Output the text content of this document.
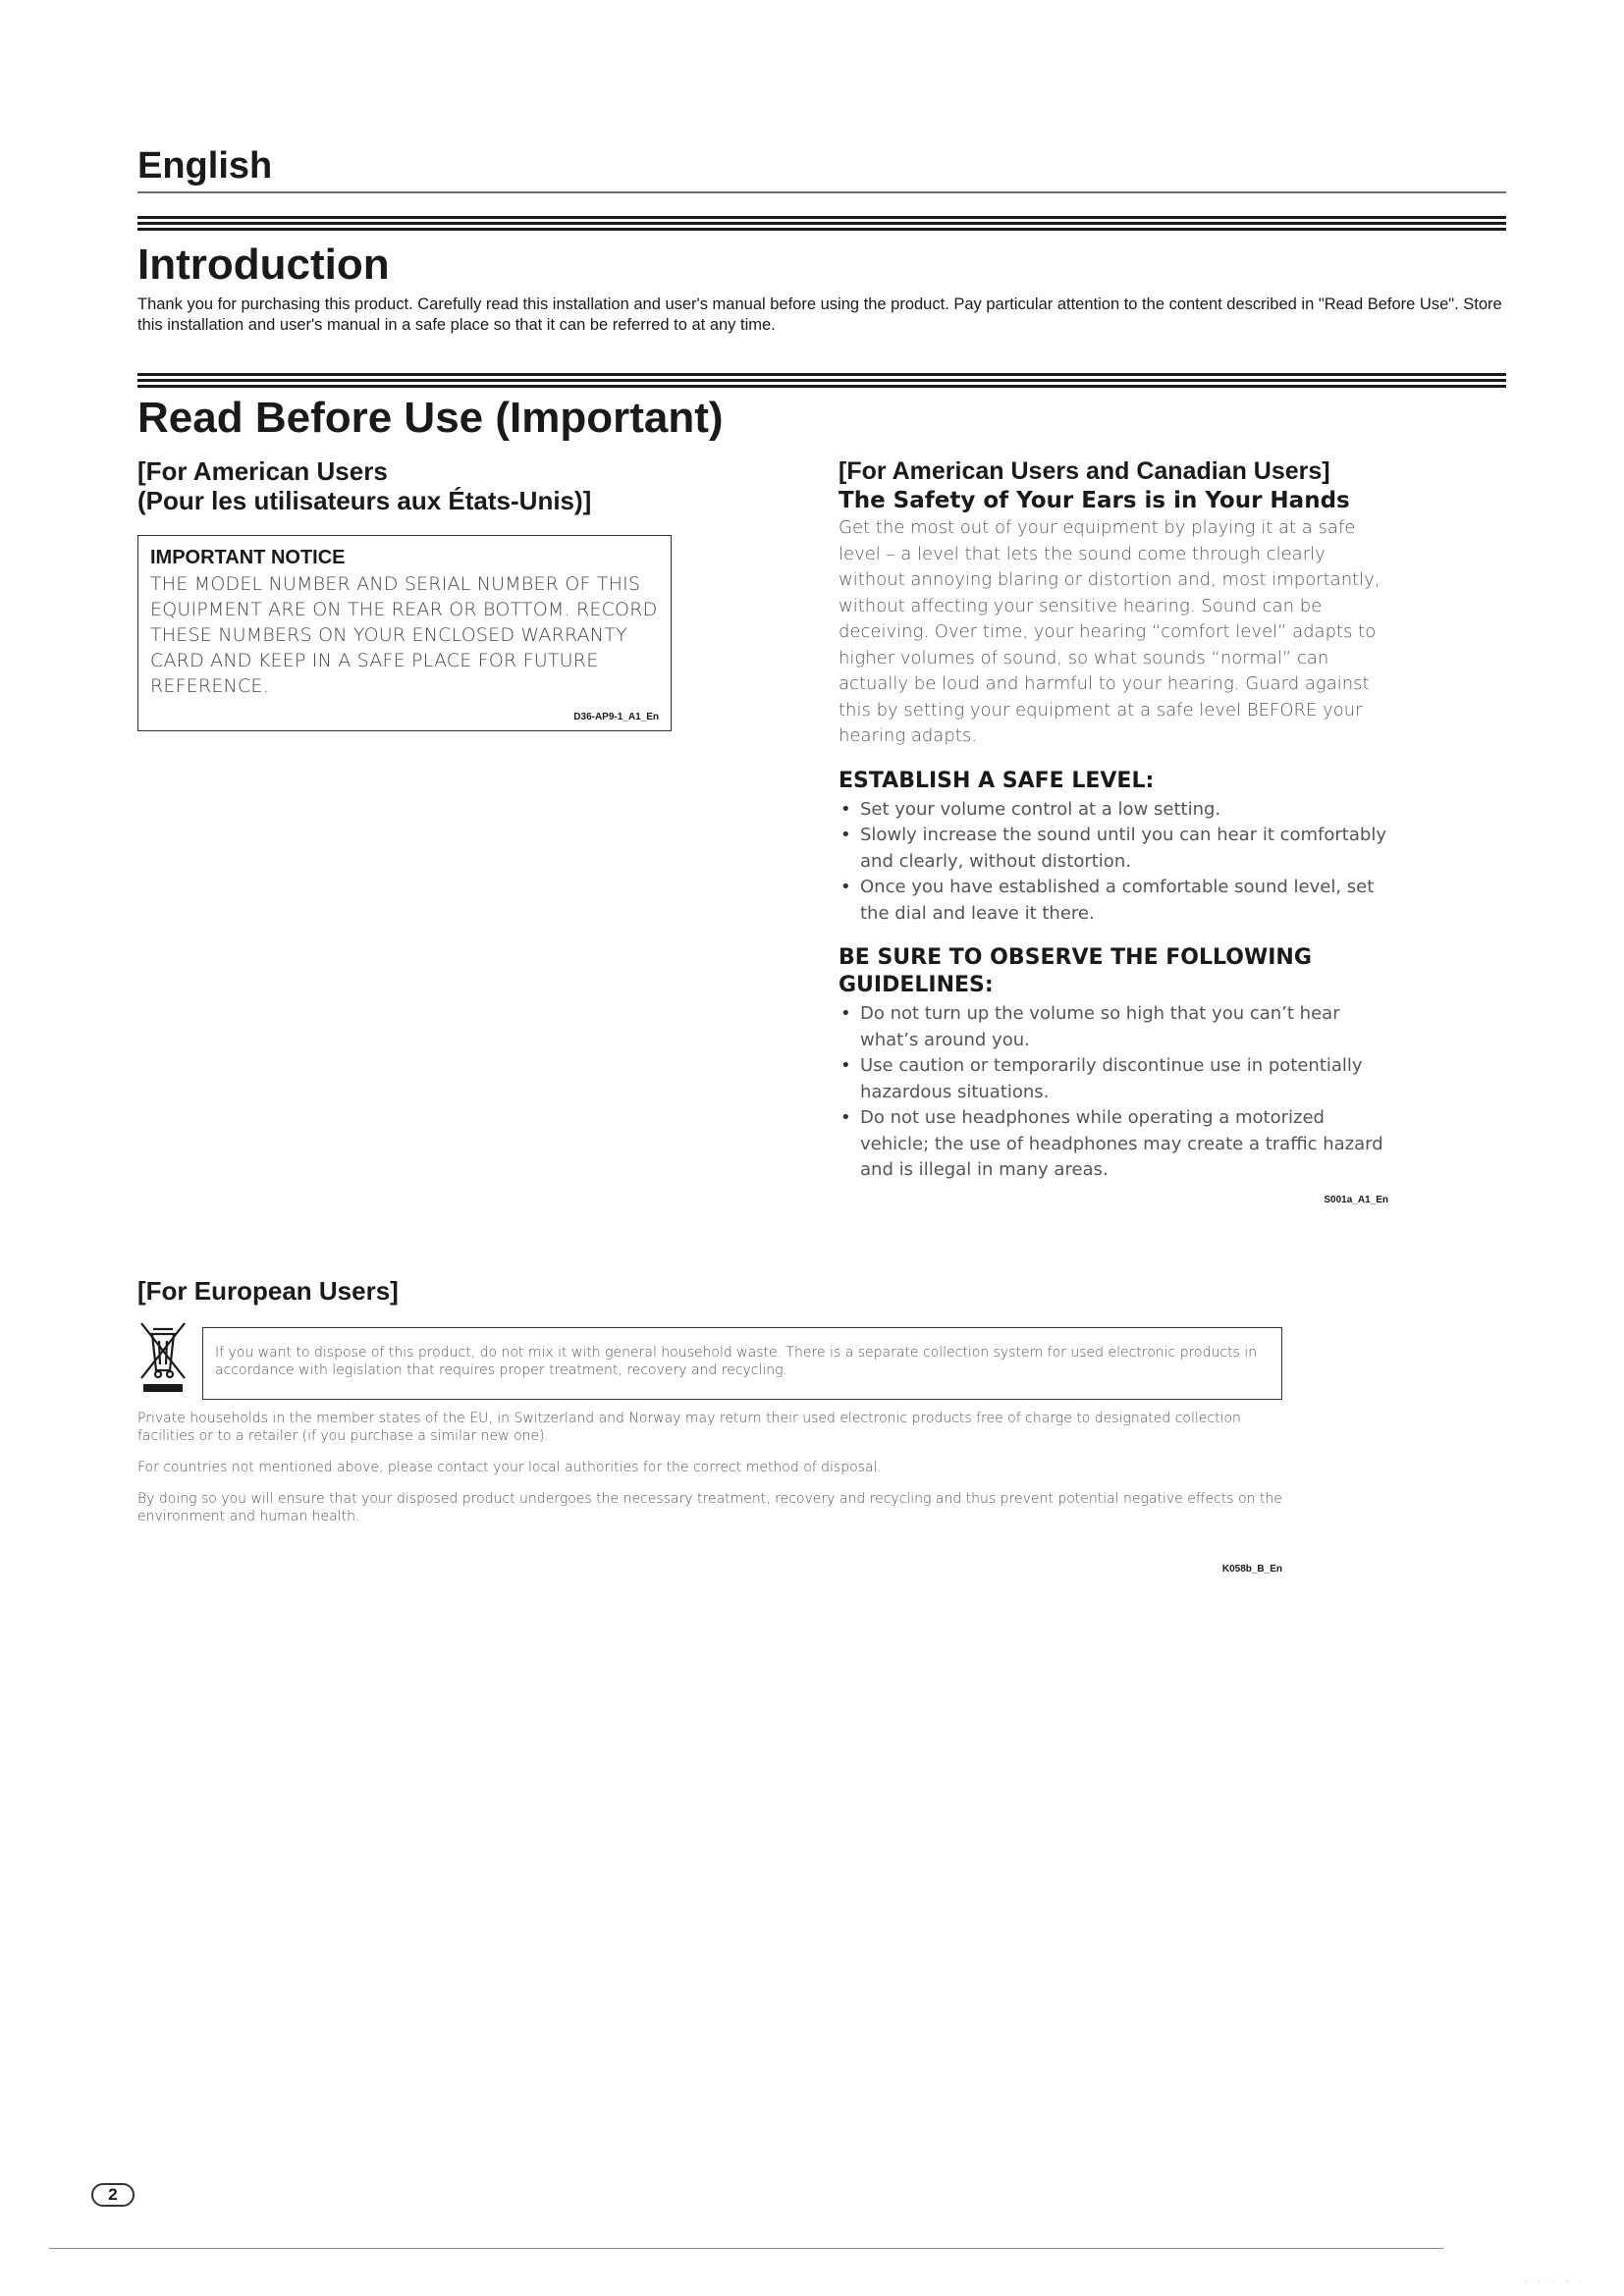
English
Introduction

Thank you for purchasing this product. Carefully read this installation and user's manual before using the product. Pay particular attention to the content described in "Read Before Use". Store this installation and user's manual in a safe place so that it can be referred to at any time.

Read Before Use (Important)

[For American Users

(Pour les utilisateurs aux États-Unis)]

IMPORTANT NOTICE

THE MODEL NUMBER AND SERIAL NUMBER OF THIS EQUIPMENT ARE ON THE REAR OR BOTTOM. RECORD THESE NUMBERS ON YOUR ENCLOSED WARRANTY CARD AND KEEP IN A SAFE PLACE FOR FUTURE REFERENCE.

D36-AP9-1_A1_En

[For American Users and Canadian Users]

The Safety of Your Ears is in Your Hands

Get the most out of your equipment by playing it at a safe level – a level that lets the sound come through clearly without annoying blaring or distortion and, most importantly, without affecting your sensitive hearing. Sound can be deceiving. Over time, your hearing “comfort level” adapts to higher volumes of sound, so what sounds “normal” can actually be loud and harmful to your hearing. Guard against this by setting your equipment at a safe level BEFORE your hearing adapts.

ESTABLISH A SAFE LEVEL:

• Set your volume control at a low setting.
• Slowly increase the sound until you can hear it comfortably and clearly, without distortion.
• Once you have established a comfortable sound level, set the dial and leave it there.

BE SURE TO OBSERVE THE FOLLOWING GUIDELINES:

• Do not turn up the volume so high that you can’t hear what’s around you.
• Use caution or temporarily discontinue use in potentially hazardous situations.
• Do not use headphones while operating a motorized vehicle; the use of headphones may create a traffic hazard and is illegal in many areas.
S001a_A1_En

[For European Users]

If you want to dispose of this product, do not mix it with general household waste. There is a separate collection system for used electronic products in accordance with legislation that requires proper treatment, recovery and recycling.

Private households in the member states of the EU, in Switzerland and Norway may return their used electronic products free of charge to designated collection facilities or to a retailer (if you purchase a similar new one).

For countries not mentioned above, please contact your local authorities for the correct method of disposal.

By doing so you will ensure that your disposed product undergoes the necessary treatment, recovery and recycling and thus prevent potential negative effects on the environment and human health.

K058b_B_En
2
· · · · ·
